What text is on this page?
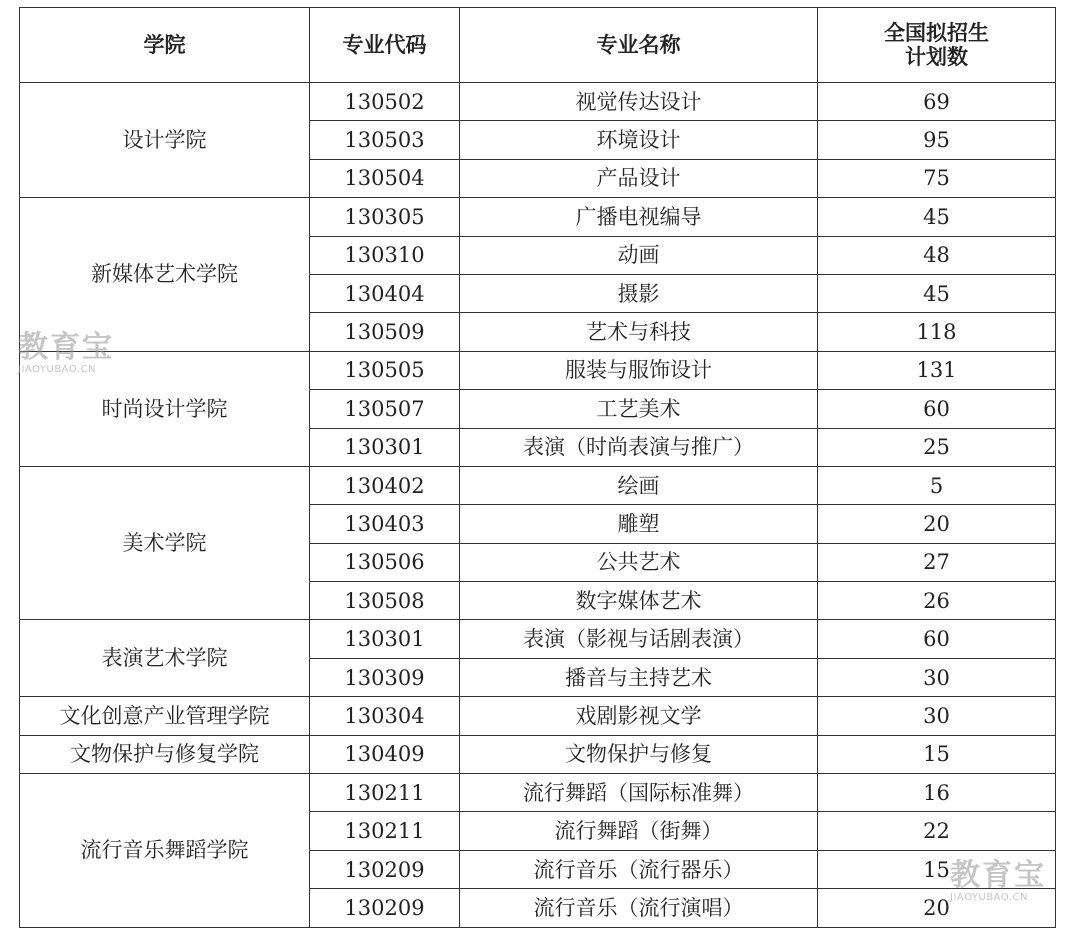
学院	专业代码	专业名称	全国拟招生
计划数

设计学院	130502	视觉传达设计	69
	130503	环境设计	95
	130504	产品设计	75
新媒体艺术学院	130305	广播电视编导	45
	130310	动画	48
	130404	摄影	45
	130509	艺术与科技	118
时尚设计学院	130505	服装与服饰设计	131
	130507	工艺美术	60
	130301	表演（时尚表演与推广）	25
美术学院	130402	绘画	5
	130403	雕塑	20
	130506	公共艺术	27
	130508	数字媒体艺术	26
表演艺术学院	130301	表演（影视与话剧表演）	60
	130309	播音与主持艺术	30
文化创意产业管理学院	130304	戏剧影视文学	30
文物保护与修复学院	130409	文物保护与修复	15
流行音乐舞蹈学院	130211	流行舞蹈（国际标准舞）	16
	130211	流行舞蹈（街舞）	22
	130209	流行音乐（流行器乐）	15
	130209	流行音乐（流行演唱）	20
教育宝
JIAOYUBAO.CN
教育宝
JIAOYUBAO.CN
